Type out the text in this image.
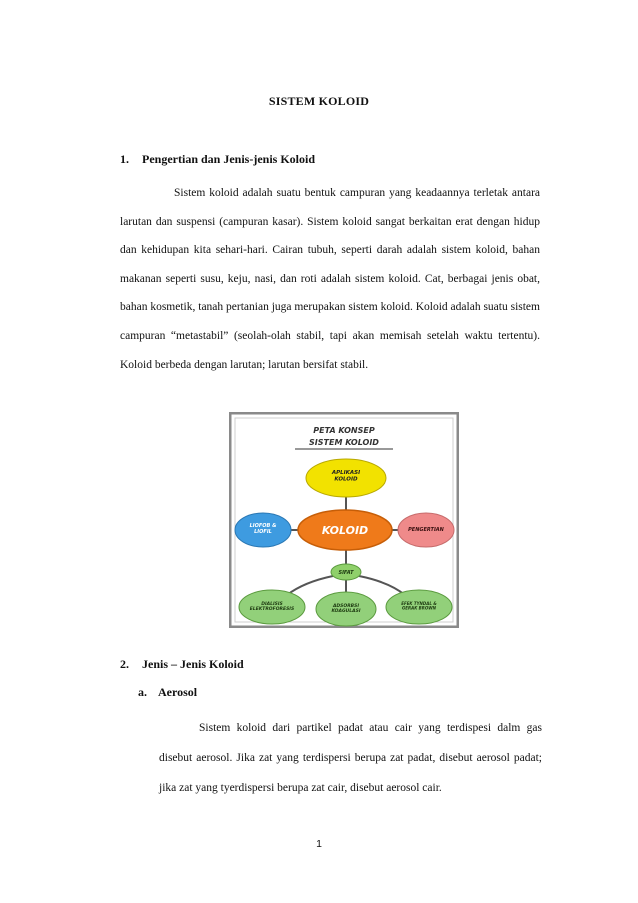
SISTEM KOLOID
1. Pengertian dan Jenis-jenis Koloid

Sistem koloid adalah suatu bentuk campuran yang keadaannya terletak antara larutan dan suspensi (campuran kasar). Sistem koloid sangat berkaitan erat dengan hidup dan kehidupan kita sehari-hari. Cairan tubuh, seperti darah adalah sistem koloid, bahan makanan seperti susu, keju, nasi, dan roti adalah sistem koloid. Cat, berbagai jenis obat, bahan kosmetik, tanah pertanian juga merupakan sistem koloid. Koloid adalah suatu sistem campuran “metastabil” (seolah-olah stabil, tapi akan memisah setelah waktu tertentu). Koloid berbeda dengan larutan; larutan bersifat stabil.

PETA KONSEP
SISTEM KOLOID
APLIKASI KOLOID
LIOFOB & LIOFIL	PENGERTIAN
KOLOID
SIFAT
DIALISIS ELEKTROFORESIS
ADSORBSI KOAGULASI
EFEK TYNDAL & GERAK BROWN
2. Jenis – Jenis Koloid
a. Aerosol

Sistem koloid dari partikel padat atau cair yang terdispesi dalm gas disebut aerosol. Jika zat yang terdispersi berupa zat padat, disebut aerosol padat; jika zat yang tyerdispersi berupa zat cair, disebut aerosol cair.

1
